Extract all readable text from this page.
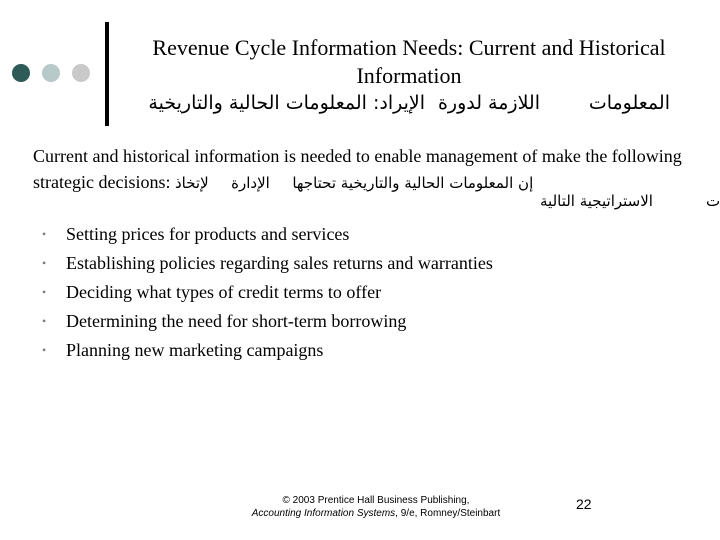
Revenue Cycle Information Needs: Current and Historical Information
المعلومات
اللازمة لدورة
الإيراد: المعلومات الحالية والتاريخية
Current and historical information is needed to enable management of make the following strategic decisions: لإتخاذ الإدارة إن المعلومات الحالية والتاريخية تحتاجها
الاستراتيجية التالية	ت
• Setting prices for products and services
• Establishing policies regarding sales returns and warranties
• Deciding what types of credit terms to offer
• Determining the need for short-term borrowing
• Planning new marketing campaigns
© 2003 Prentice Hall Business Publishing,
Accounting Information Systems, 9/e, Romney/Steinbart
22
